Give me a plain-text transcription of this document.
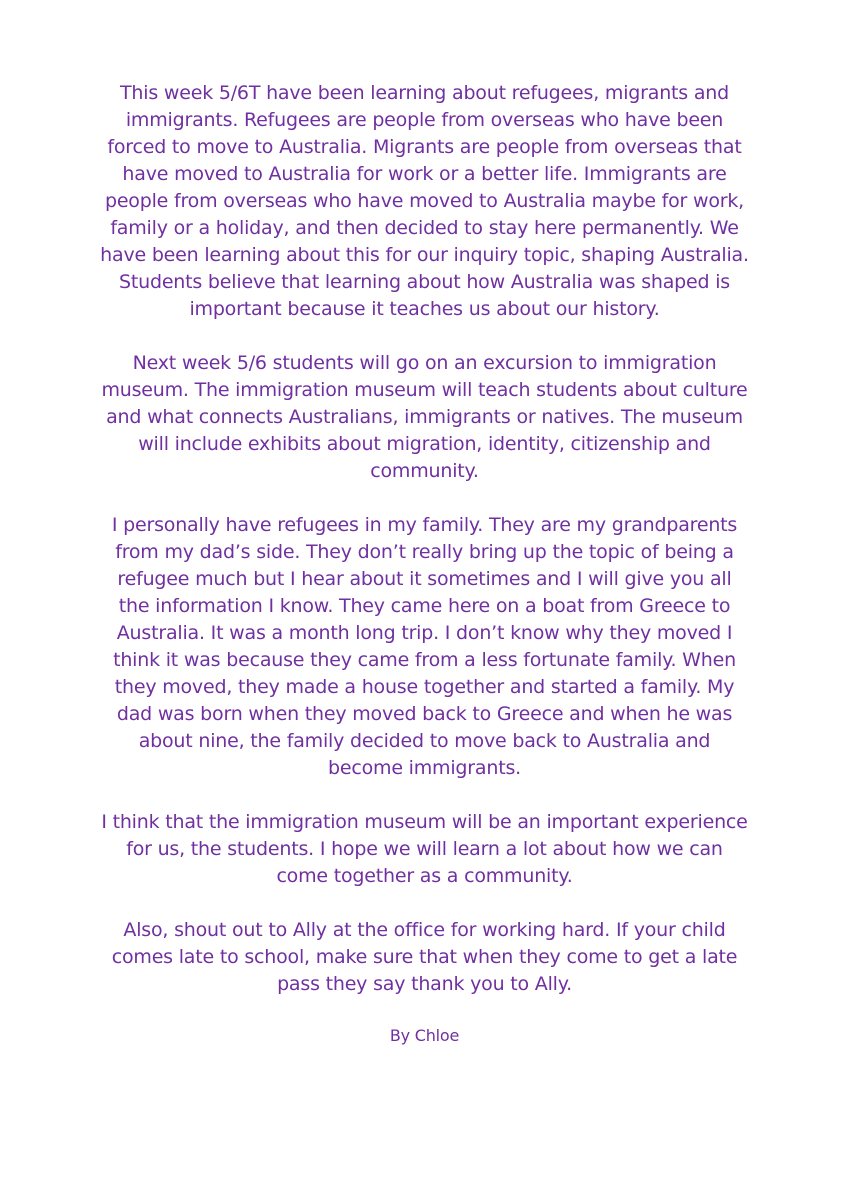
This week 5/6T have been learning about refugees, migrants and immigrants. Refugees are people from overseas who have been forced to move to Australia. Migrants are people from overseas that have moved to Australia for work or a better life. Immigrants are people from overseas who have moved to Australia maybe for work, family or a holiday, and then decided to stay here permanently. We have been learning about this for our inquiry topic, shaping Australia. Students believe that learning about how Australia was shaped is important because it teaches us about our history.

Next week 5/6 students will go on an excursion to immigration museum. The immigration museum will teach students about culture and what connects Australians, immigrants or natives. The museum will include exhibits about migration, identity, citizenship and community.

I personally have refugees in my family. They are my grandparents from my dad’s side. They don’t really bring up the topic of being a refugee much but I hear about it sometimes and I will give you all the information I know. They came here on a boat from Greece to Australia. It was a month long trip. I don’t know why they moved I think it was because they came from a less fortunate family. When they moved, they made a house together and started a family. My dad was born when they moved back to Greece and when he was about nine, the family decided to move back to Australia and become immigrants.

I think that the immigration museum will be an important experience for us, the students. I hope we will learn a lot about how we can come together as a community.

Also, shout out to Ally at the office for working hard. If your child comes late to school, make sure that when they come to get a late pass they say thank you to Ally.

By Chloe
